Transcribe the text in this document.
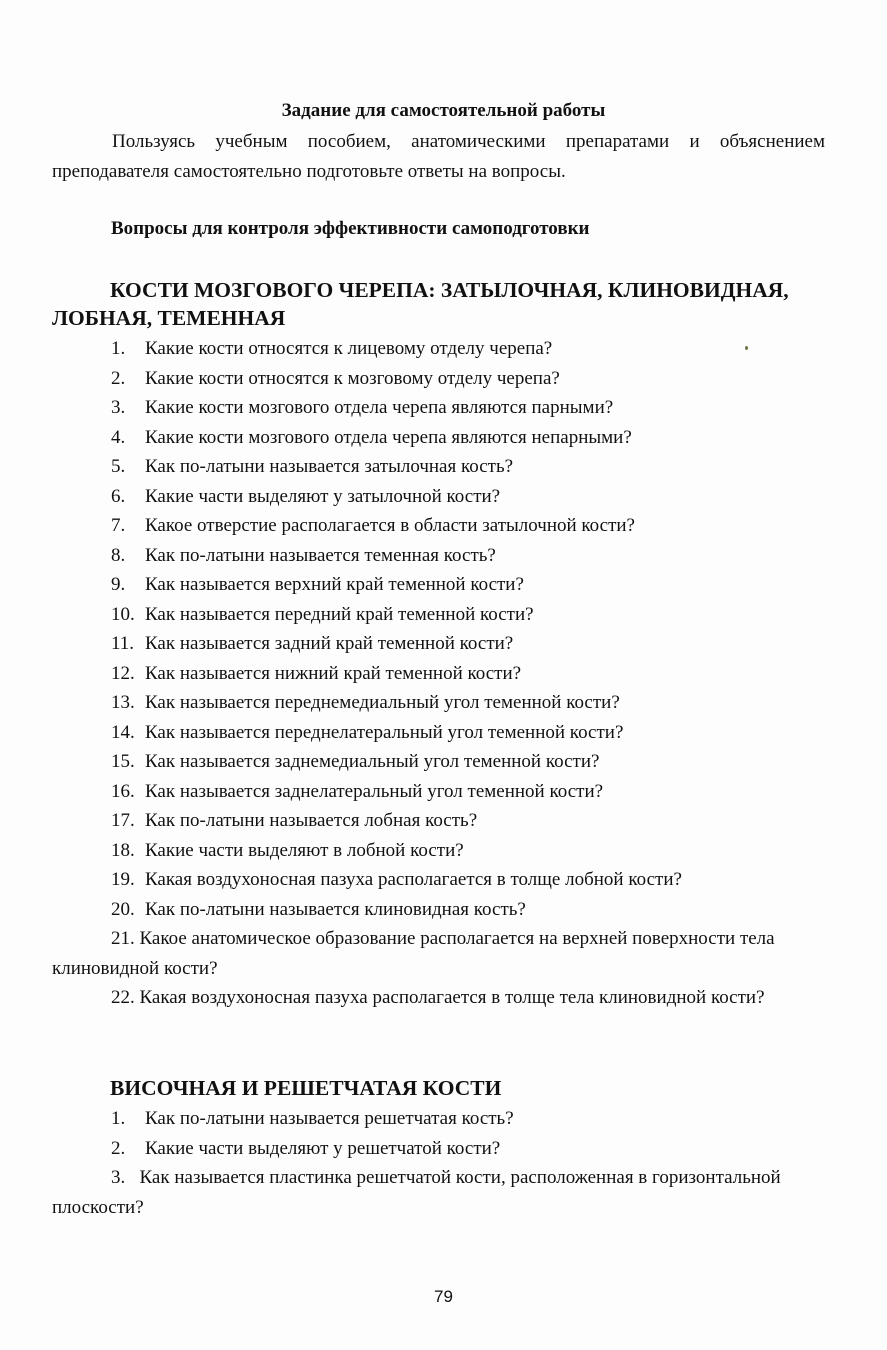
Задание для самостоятельной работы

Пользуясь учебным пособием, анатомическими препаратами и объяснением преподавателя самостоятельно подготовьте ответы на вопросы.

Вопросы для контроля эффективности самоподготовки

КОСТИ МОЗГОВОГО ЧЕРЕПА: ЗАТЫЛОЧНАЯ, КЛИНОВИДНАЯ, ЛОБНАЯ, ТЕМЕННАЯ

1. Какие кости относятся к лицевому отделу черепа?
2. Какие кости относятся к мозговому отделу черепа?
3. Какие кости мозгового отдела черепа являются парными?
4. Какие кости мозгового отдела черепа являются непарными?
5. Как по-латыни называется затылочная кость?
6. Какие части выделяют у затылочной кости?
7. Какое отверстие располагается в области затылочной кости?
8. Как по-латыни называется теменная кость?
9. Как называется верхний край теменной кости?
10. Как называется передний край теменной кости?
11. Как называется задний край теменной кости?
12. Как называется нижний край теменной кости?
13. Как называется переднемедиальный угол теменной кости?
14. Как называется переднелатеральный угол теменной кости?
15. Как называется заднемедиальный угол теменной кости?
16. Как называется заднелатеральный угол теменной кости?
17. Как по-латыни называется лобная кость?
18. Какие части выделяют в лобной кости?
19. Какая воздухоносная пазуха располагается в толще лобной кости?
20. Как по-латыни называется клиновидная кость?
21. Какое анатомическое образование располагается на верхней поверхности тела клиновидной кости?
22. Какая воздухоносная пазуха располагается в толще тела клиновидной кости?

ВИСОЧНАЯ И РЕШЕТЧАТАЯ КОСТИ

1. Как по-латыни называется решетчатая кость?
2. Какие части выделяют у решетчатой кости?
3. Как называется пластинка решетчатой кости, расположенная в горизонтальной плоскости?
79
